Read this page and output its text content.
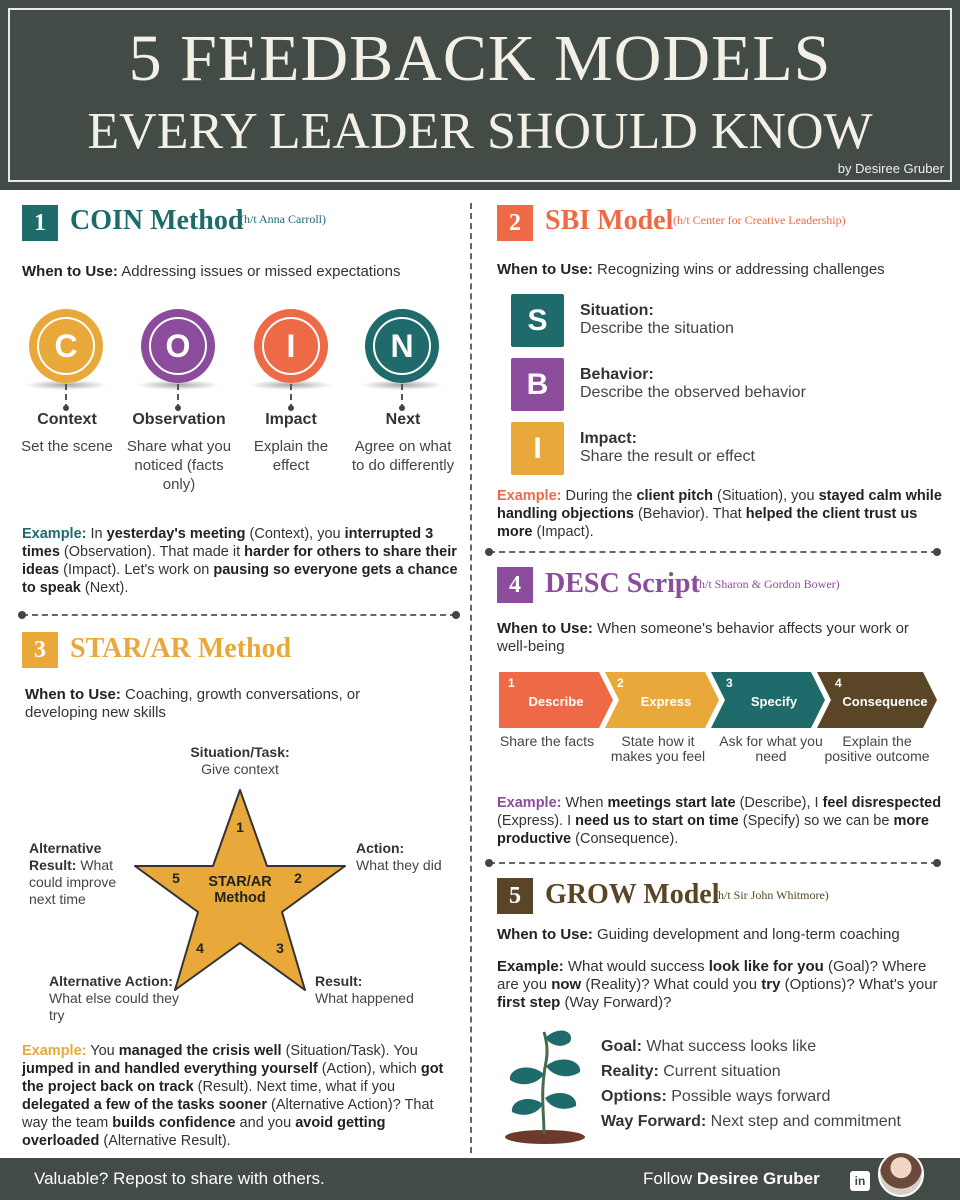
5 FEEDBACK MODELS
EVERY LEADER SHOULD KNOW
by Desiree Gruber
1 COIN Method
(h/t Anna Carroll)
When to Use: Addressing issues or missed expectations
C
Context
Set the scene
O
Observation
Share what you noticed (facts only)
I
Impact
Explain the effect
N
Next
Agree on what to do differently
Example: In yesterday's meeting (Context), you interrupted 3 times (Observation). That made it harder for others to share their ideas (Impact). Let's work on pausing so everyone gets a chance to speak (Next).
2 SBI Model (h/t Center for Creative Leadership)
When to Use: Recognizing wins or addressing challenges
S	Situation:
Describe the situation
B	Behavior:
Describe the observed behavior
I	Impact:
Share the result or effect
Example: During the client pitch (Situation), you stayed calm while handling objections (Behavior). That helped the client trust us more (Impact).
3 STAR/AR Method
When to Use: Coaching, growth conversations, or developing new skills
1
2
3
4
5	STAR/AR Method
Situation/Task:
Give context
Action:
What they did
Result:
What happened
Alternative Action: What else could they try
Alternative Result: What could improve next time
Example: You managed the crisis well (Situation/Task). You jumped in and handled everything yourself (Action), which got the project back on track (Result). Next time, what if you delegated a few of the tasks sooner (Alternative Action)? That way the team builds confidence and you avoid getting overloaded (Alternative Result).
4 DESC Script
(h/t Sharon & Gordon Bower)
When to Use: When someone's behavior affects your work or well-being
1
Describe
2
Express
3
Specify
4
Consequence
Share the facts	State how it makes you feel
Ask for what you need
Explain the positive outcome
Example: When meetings start late (Describe), I feel disrespected (Express). I need us to start on time (Specify) so we can be more productive (Consequence).
5 GROW Model
(h/t Sir John Whitmore)
When to Use: Guiding development and long-term coaching
Example: What would success look like for you (Goal)? Where are you now (Reality)? What could you try (Options)? What's your first step (Way Forward)?
Goal: What success looks like
Reality: Current situation
Options: Possible ways forward
Way Forward: Next step and commitment
Valuable? Repost to share with others.	Follow Desiree Gruber	in
